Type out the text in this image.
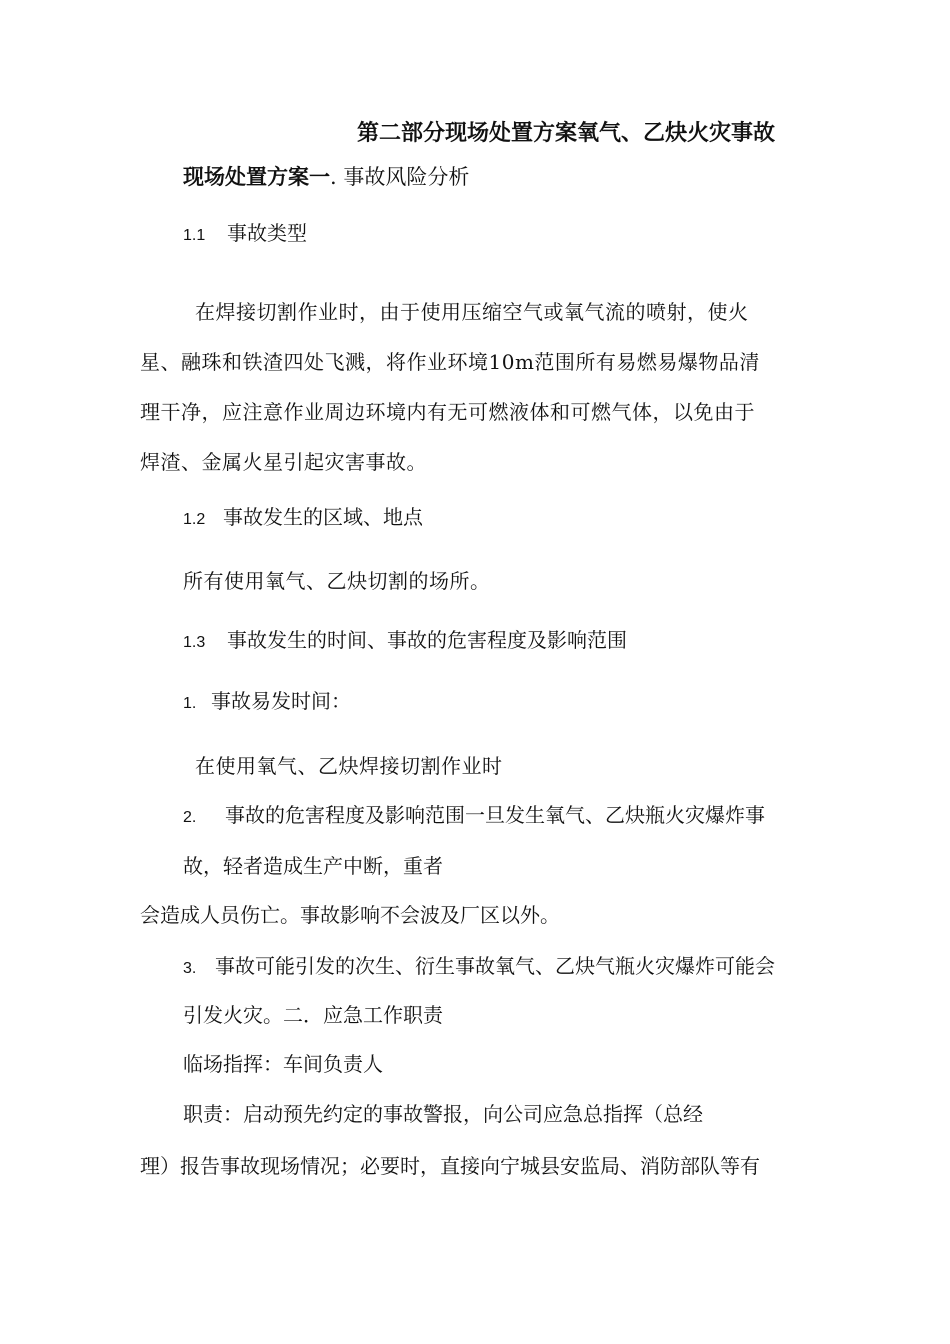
第二部分现场处置方案氧气、乙炔火灾事故
现场处置方案一. 事故风险分析
1.1 事故类型
在焊接切割作业时，由于使用压缩空气或氧气流的喷射，使火
星、融珠和铁渣四处飞溅，将作业环境10m范围所有易燃易爆物品清
理干净，应注意作业周边环境内有无可燃液体和可燃气体，以免由于
焊渣、金属火星引起灾害事故。
1.2 事故发生的区域、地点
所有使用氧气、乙炔切割的场所。
1.3 事故发生的时间、事故的危害程度及影响范围
1. 事故易发时间：
在使用氧气、乙炔焊接切割作业时
2. 事故的危害程度及影响范围一旦发生氧气、乙炔瓶火灾爆炸事
故，轻者造成生产中断，重者
会造成人员伤亡。事故影响不会波及厂区以外。
3. 事故可能引发的次生、衍生事故氧气、乙炔气瓶火灾爆炸可能会
引发火灾。二．应急工作职责
临场指挥：车间负责人
职责：启动预先约定的事故警报，向公司应急总指挥（总经
理）报告事故现场情况；必要时，直接向宁城县安监局、消防部队等有
